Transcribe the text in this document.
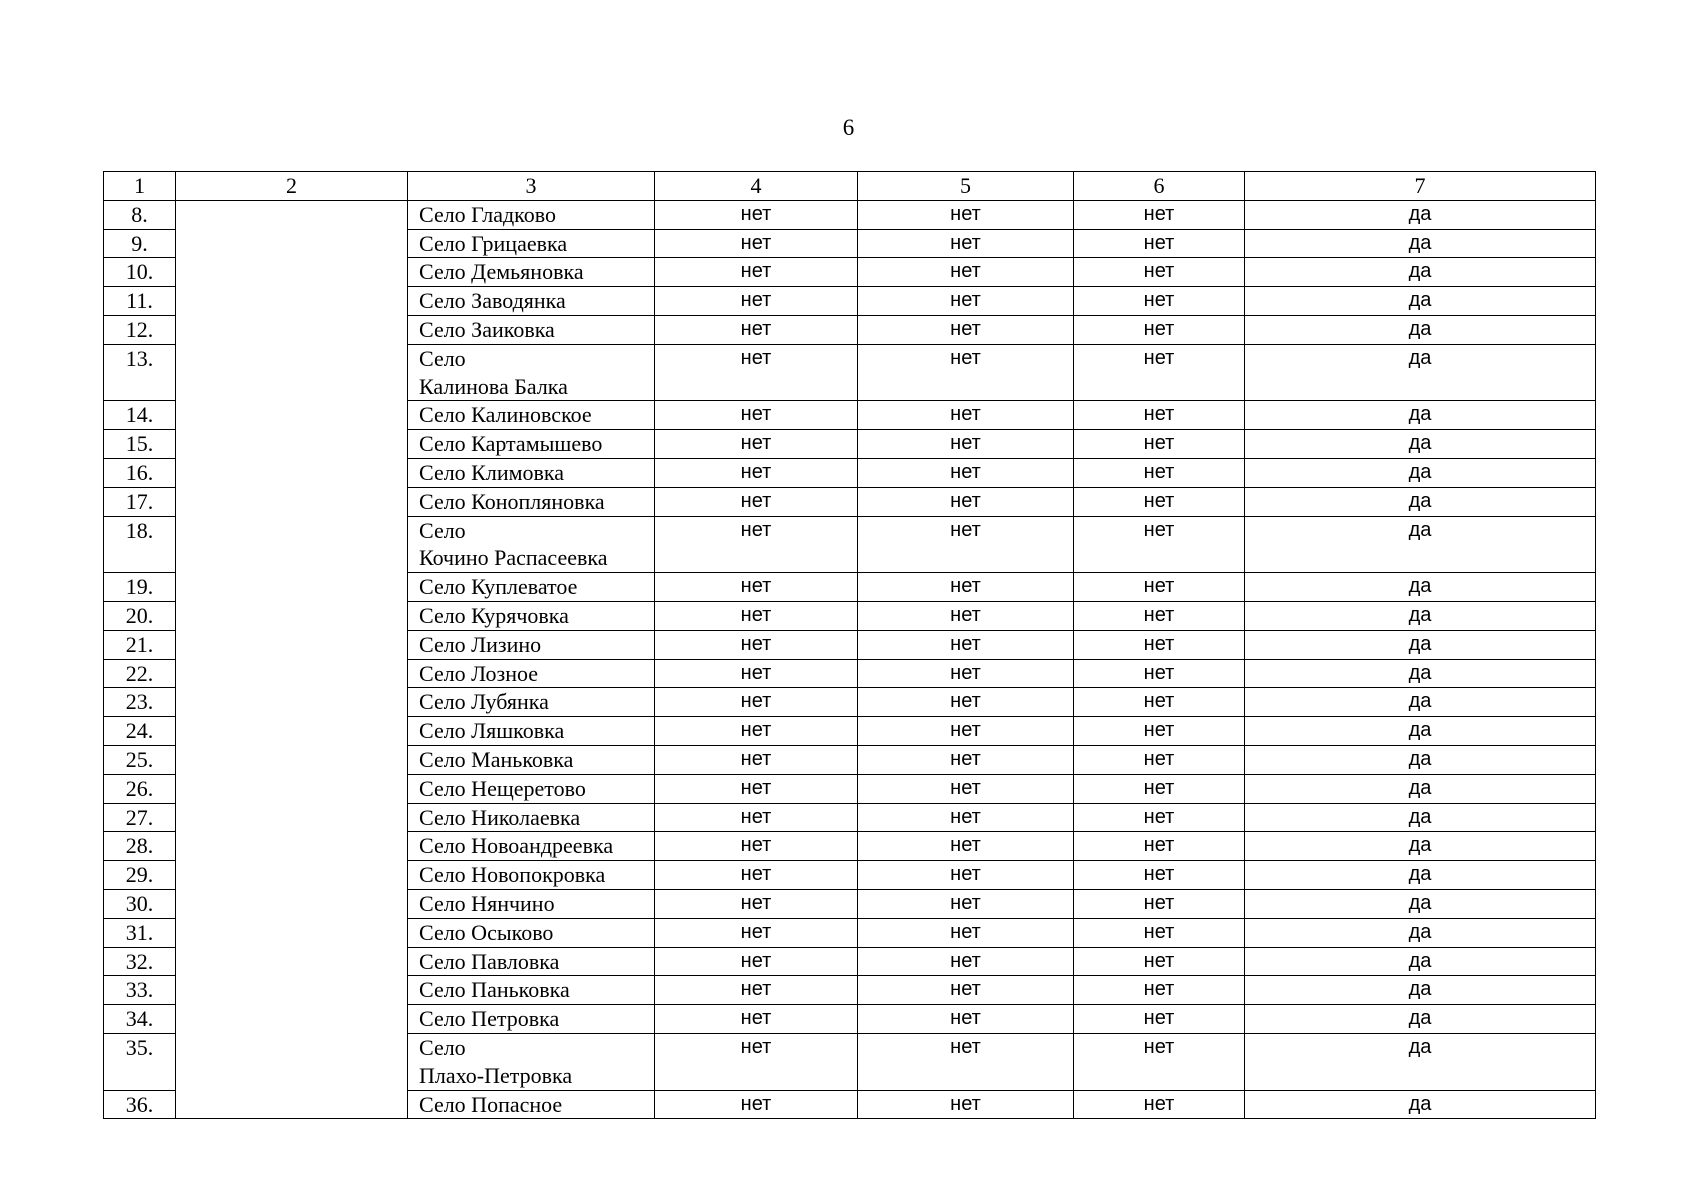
6
1	2	3	4	5	6	7
8.		Село Гладково	нет	нет	нет	да
9.		Село Грицаевка	нет	нет	нет	да
10.		Село Демьяновка	нет	нет	нет	да
11.		Село Заводянка	нет	нет	нет	да
12.		Село Заиковка	нет	нет	нет	да
13.		Село
Калинова Балка	нет	нет	нет	да
14.		Село Калиновское	нет	нет	нет	да
15.		Село Картамышево	нет	нет	нет	да
16.		Село Климовка	нет	нет	нет	да
17.		Село Коноплянoвка	нет	нет	нет	да
18.		Село
Кочино Распасеевка	нет	нет	нет	да
19.		Село Куплеватое	нет	нет	нет	да
20.		Село Курячовка	нет	нет	нет	да
21.		Село Лизино	нет	нет	нет	да
22.		Село Лозное	нет	нет	нет	да
23.		Село Лубянка	нет	нет	нет	да
24.		Село Ляшковка	нет	нет	нет	да
25.		Село Маньковка	нет	нет	нет	да
26.		Село Нещеретово	нет	нет	нет	да
27.		Село Николаевка	нет	нет	нет	да
28.		Село Новоандреевка	нет	нет	нет	да
29.		Село Новопокровка	нет	нет	нет	да
30.		Село Нянчино	нет	нет	нет	да
31.		Село Осыково	нет	нет	нет	да
32.		Село Павловка	нет	нет	нет	да
33.		Село Паньковка	нет	нет	нет	да
34.		Село Петровка	нет	нет	нет	да
35.		Село
Плахо-Петровка	нет	нет	нет	да
36.		Село Попасное	нет	нет	нет	да
